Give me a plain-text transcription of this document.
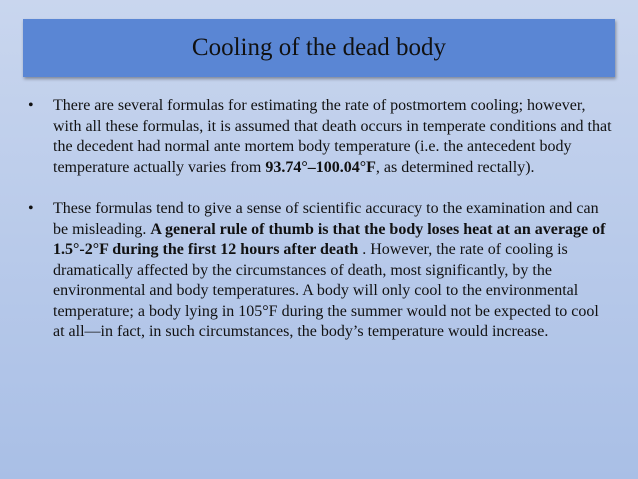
Cooling of the dead body
•	There are several formulas for estimating the rate of postmortem cooling; however, with all these formulas, it is assumed that death occurs in temperate conditions and that the decedent had normal ante mortem body temperature (i.e. the antecedent body temperature actually varies from 93.74°–100.04°F, as determined rectally).
•	These formulas tend to give a sense of scientific accuracy to the examination and can be misleading. A general rule of thumb is that the body loses heat at an average of 1.5°-2°F during the first 12 hours after death . However, the rate of cooling is dramatically affected by the circumstances of death, most significantly, by the environmental and body temperatures. A body will only cool to the environmental temperature; a body lying in 105°F during the summer would not be expected to cool at all—in fact, in such circumstances, the body’s temperature would increase.
